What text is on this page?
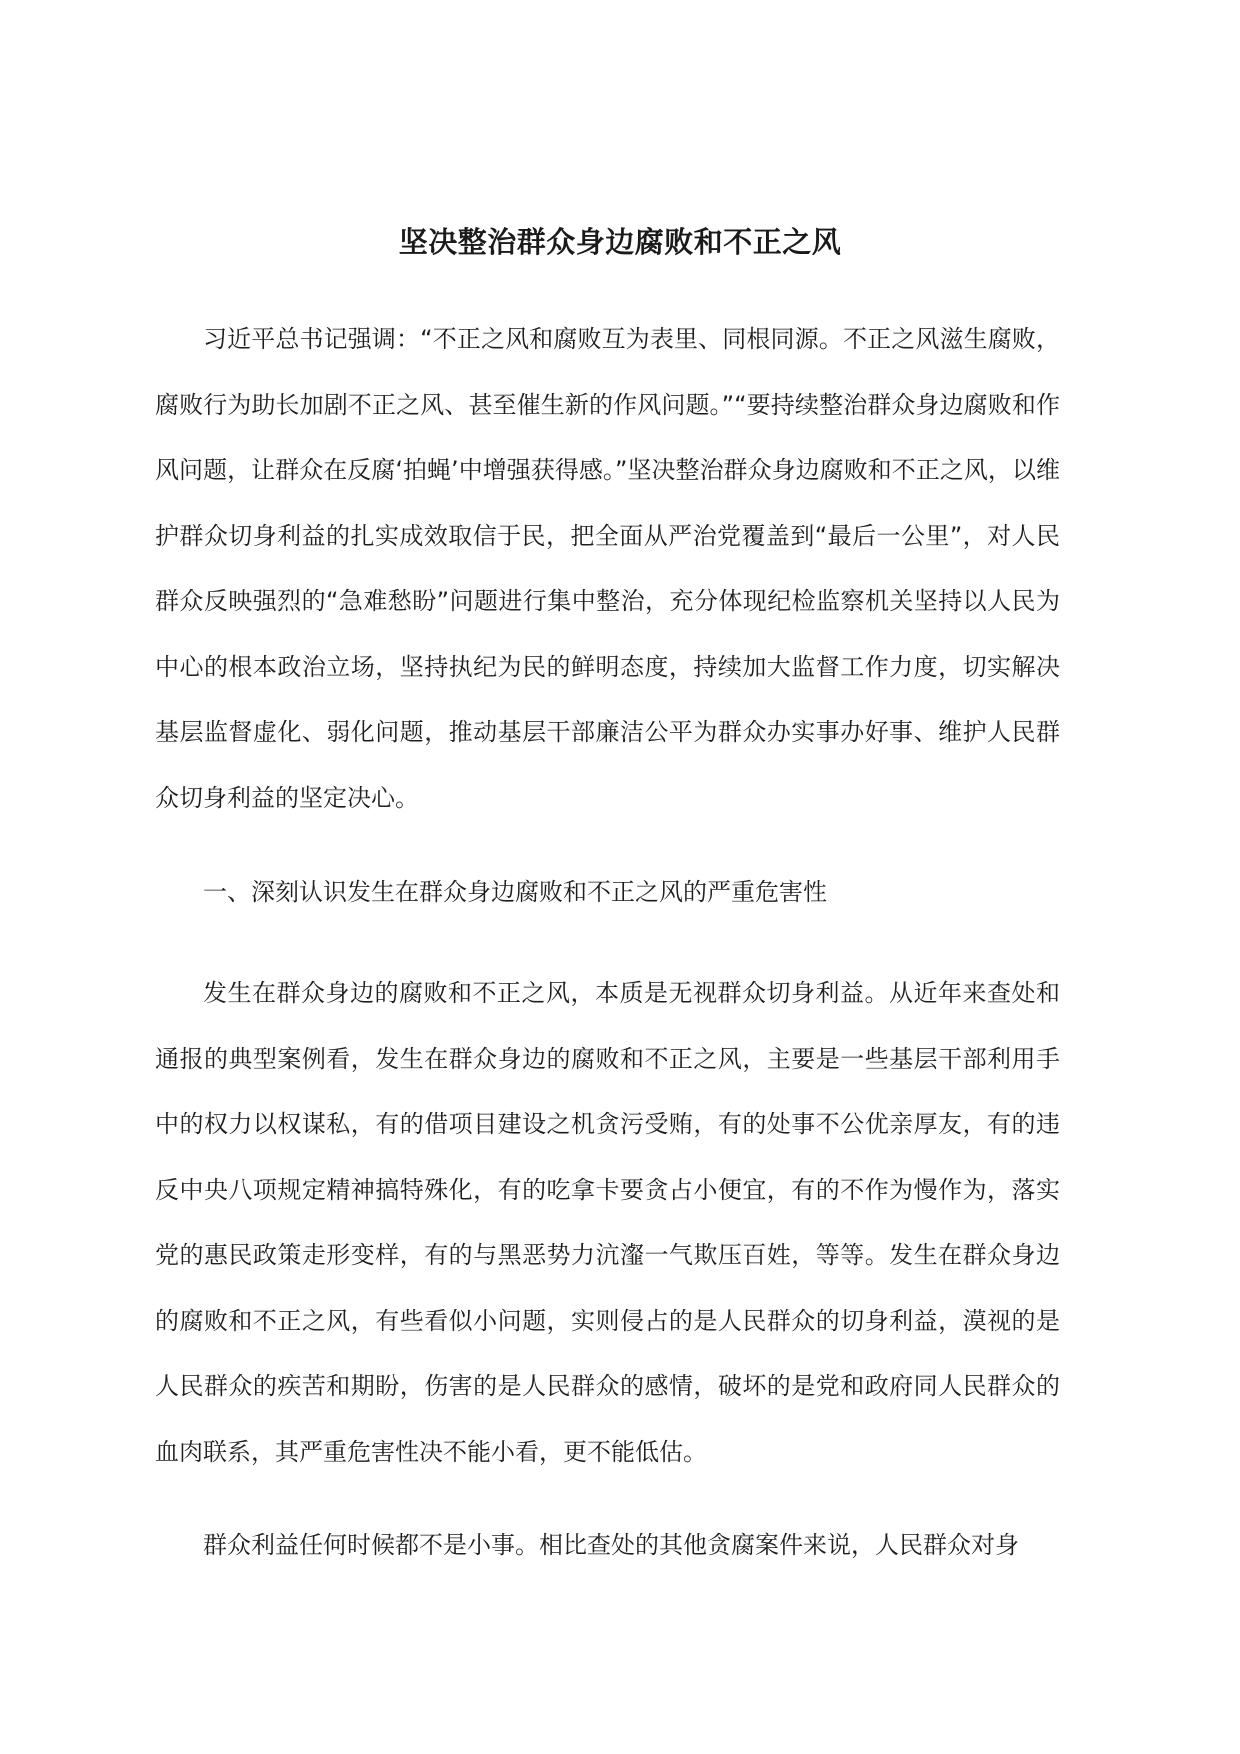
坚决整治群众身边腐败和不正之风

习近平总书记强调：“不正之风和腐败互为表里、同根同源。不正之风滋生腐败，腐败行为助长加剧不正之风、甚至催生新的作风问题。”“要持续整治群众身边腐败和作风问题，让群众在反腐‘拍蝇’中增强获得感。”坚决整治群众身边腐败和不正之风，以维护群众切身利益的扎实成效取信于民，把全面从严治党覆盖到“最后一公里”，对人民群众反映强烈的“急难愁盼”问题进行集中整治，充分体现纪检监察机关坚持以人民为中心的根本政治立场，坚持执纪为民的鲜明态度，持续加大监督工作力度，切实解决基层监督虚化、弱化问题，推动基层干部廉洁公平为群众办实事办好事、维护人民群众切身利益的坚定决心。

一、深刻认识发生在群众身边腐败和不正之风的严重危害性

发生在群众身边的腐败和不正之风，本质是无视群众切身利益。从近年来查处和通报的典型案例看，发生在群众身边的腐败和不正之风，主要是一些基层干部利用手中的权力以权谋私，有的借项目建设之机贪污受贿，有的处事不公优亲厚友，有的违反中央八项规定精神搞特殊化，有的吃拿卡要贪占小便宜，有的不作为慢作为，落实党的惠民政策走形变样，有的与黑恶势力沆瀣一气欺压百姓，等等。发生在群众身边的腐败和不正之风，有些看似小问题，实则侵占的是人民群众的切身利益，漠视的是人民群众的疾苦和期盼，伤害的是人民群众的感情，破坏的是党和政府同人民群众的血肉联系，其严重危害性决不能小看，更不能低估。

群众利益任何时候都不是小事。相比查处的其他贪腐案件来说，人民群众对身
